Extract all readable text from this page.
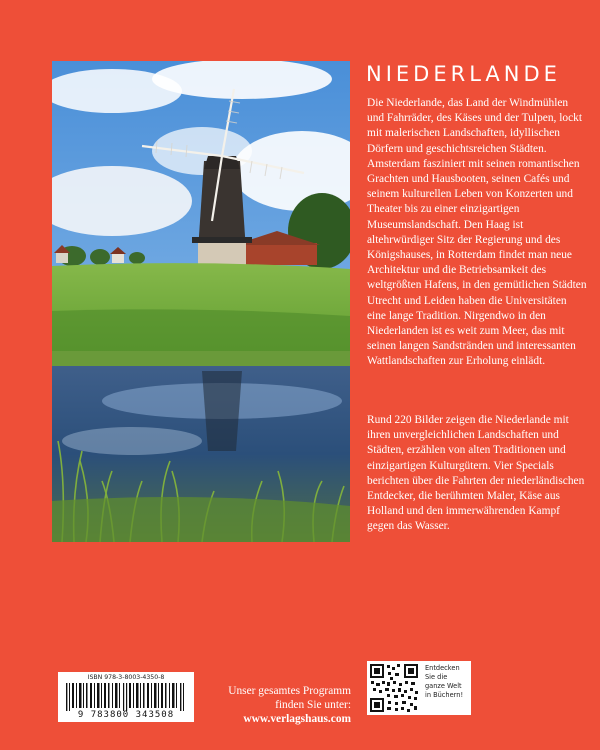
NIEDERLANDE

Die Niederlande, das Land der Windmühlen und Fahrräder, des Käses und der Tulpen, lockt mit malerischen Landschaften, idyllischen Dörfern und geschichtsreichen Städten. Amsterdam fasziniert mit seinen romantischen Grachten und Hausbooten, seinen Cafés und seinem kulturellen Leben von Konzerten und Theater bis zu einer einzigartigen Museumslandschaft. Den Haag ist altehrwürdiger Sitz der Regierung und des Königshauses, in Rotterdam findet man neue Architektur und die Betriebsamkeit des weltgrößten Hafens, in den gemütlichen Städten Utrecht und Leiden haben die Universitäten eine lange Tradition. Nirgendwo in den Niederlanden ist es weit zum Meer, das mit seinen langen Sandstränden und interessanten Wattlandschaften zur Erholung einlädt.

Rund 220 Bilder zeigen die Niederlande mit ihren unvergleichlichen Landschaften und Städten, erzählen von alten Traditionen und einzigartigen Kulturgütern. Vier Specials berichten über die Fahrten der niederländischen Entdecker, die berühmten Maler, Käse aus Holland und den immerwährenden Kampf gegen das Wasser.

ISBN 978-3-8003-4350-8
9 783800 343508
Unser gesamtes Programm
finden Sie unter:
www.verlagshaus.com
Entdecken
Sie die
ganze Welt
in Büchern!
